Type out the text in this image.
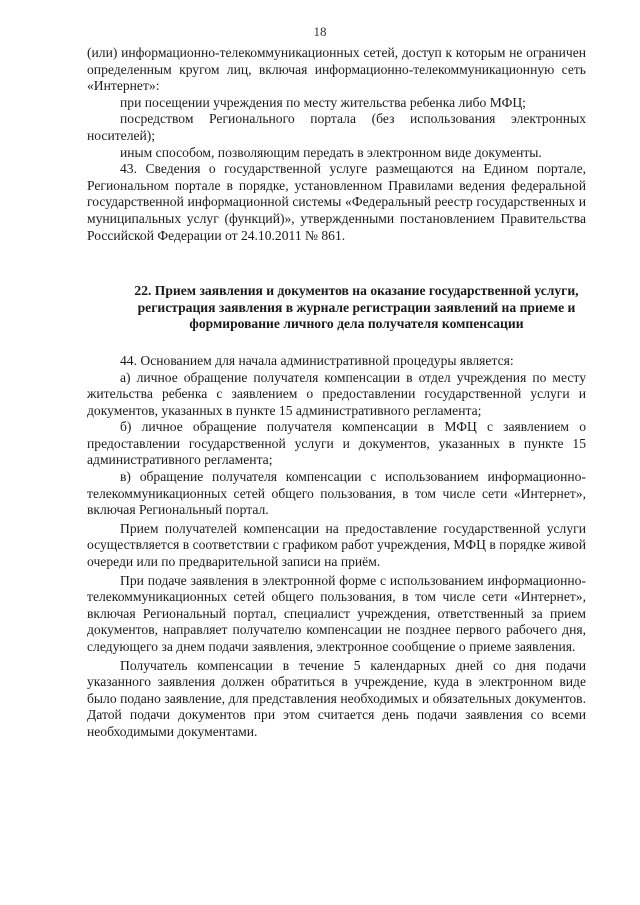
18

(или) информационно-телекоммуникационных сетей, доступ к которым не ограничен определенным кругом лиц, включая информационно-телекоммуникационную сеть «Интернет»:

при посещении учреждения по месту жительства ребенка либо МФЦ;

посредством Регионального портала (без использования электронных носителей);

иным способом, позволяющим передать в электронном виде документы.

43. Сведения о государственной услуге размещаются на Едином портале, Региональном портале в порядке, установленном Правилами ведения федеральной государственной информационной системы «Федеральный реестр государственных и муниципальных услуг (функций)», утвержденными постановлением Правительства Российской Федерации от 24.10.2011 № 861.

22. Прием заявления и документов на оказание государственной услуги, регистрация заявления в журнале регистрации заявлений на приеме и формирование личного дела получателя компенсации

44. Основанием для начала административной процедуры является:

а) личное обращение получателя компенсации в отдел учреждения по месту жительства ребенка с заявлением о предоставлении государственной услуги и документов, указанных в пункте 15 административного регламента;

б) личное обращение получателя компенсации в МФЦ с заявлением о предоставлении государственной услуги и документов, указанных в пункте 15 административного регламента;

в) обращение получателя компенсации с использованием информационно-телекоммуникационных сетей общего пользования, в том числе сети «Интернет», включая Региональный портал.

Прием получателей компенсации на предоставление государственной услуги осуществляется в соответствии с графиком работ учреждения, МФЦ в порядке живой очереди или по предварительной записи на приём.

При подаче заявления в электронной форме с использованием информационно-телекоммуникационных сетей общего пользования, в том числе сети «Интернет», включая Региональный портал, специалист учреждения, ответственный за прием документов, направляет получателю компенсации не позднее первого рабочего дня, следующего за днем подачи заявления, электронное сообщение о приеме заявления.

Получатель компенсации в течение 5 календарных дней со дня подачи указанного заявления должен обратиться в учреждение, куда в электронном виде было подано заявление, для представления необходимых и обязательных документов. Датой подачи документов при этом считается день подачи заявления со всеми необходимыми документами.
